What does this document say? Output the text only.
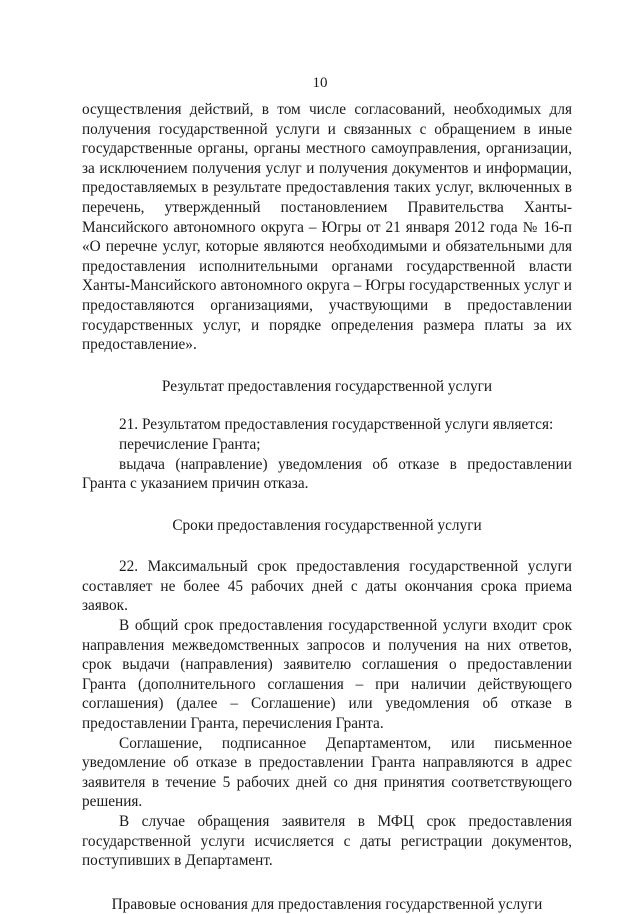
10

осуществления действий, в том числе согласований, необходимых для получения государственной услуги и связанных с обращением в иные государственные органы, органы местного самоуправления, организации, за исключением получения услуг и получения документов и информации, предоставляемых в результате предоставления таких услуг, включенных в перечень, утвержденный постановлением Правительства Ханты-Мансийского автономного округа – Югры от 21 января 2012 года № 16-п «О перечне услуг, которые являются необходимыми и обязательными для предоставления исполнительными органами государственной власти Ханты-Мансийского автономного округа – Югры государственных услуг и предоставляются организациями, участвующими в предоставлении государственных услуг, и порядке определения размера платы за их предоставление».

Результат предоставления государственной услуги

21. Результатом предоставления государственной услуги является:

перечисление Гранта;

выдача (направление) уведомления об отказе в предоставлении Гранта с указанием причин отказа.

Сроки предоставления государственной услуги

22. Максимальный срок предоставления государственной услуги составляет не более 45 рабочих дней с даты окончания срока приема заявок.

В общий срок предоставления государственной услуги входит срок направления межведомственных запросов и получения на них ответов, срок выдачи (направления) заявителю соглашения о предоставлении Гранта (дополнительного соглашения – при наличии действующего соглашения) (далее – Соглашение) или уведомления об отказе в предоставлении Гранта, перечисления Гранта.

Соглашение, подписанное Департаментом, или письменное уведомление об отказе в предоставлении Гранта направляются в адрес заявителя в течение 5 рабочих дней со дня принятия соответствующего решения.

В случае обращения заявителя в МФЦ срок предоставления государственной услуги исчисляется с даты регистрации документов, поступивших в Департамент.

Правовые основания для предоставления государственной услуги
